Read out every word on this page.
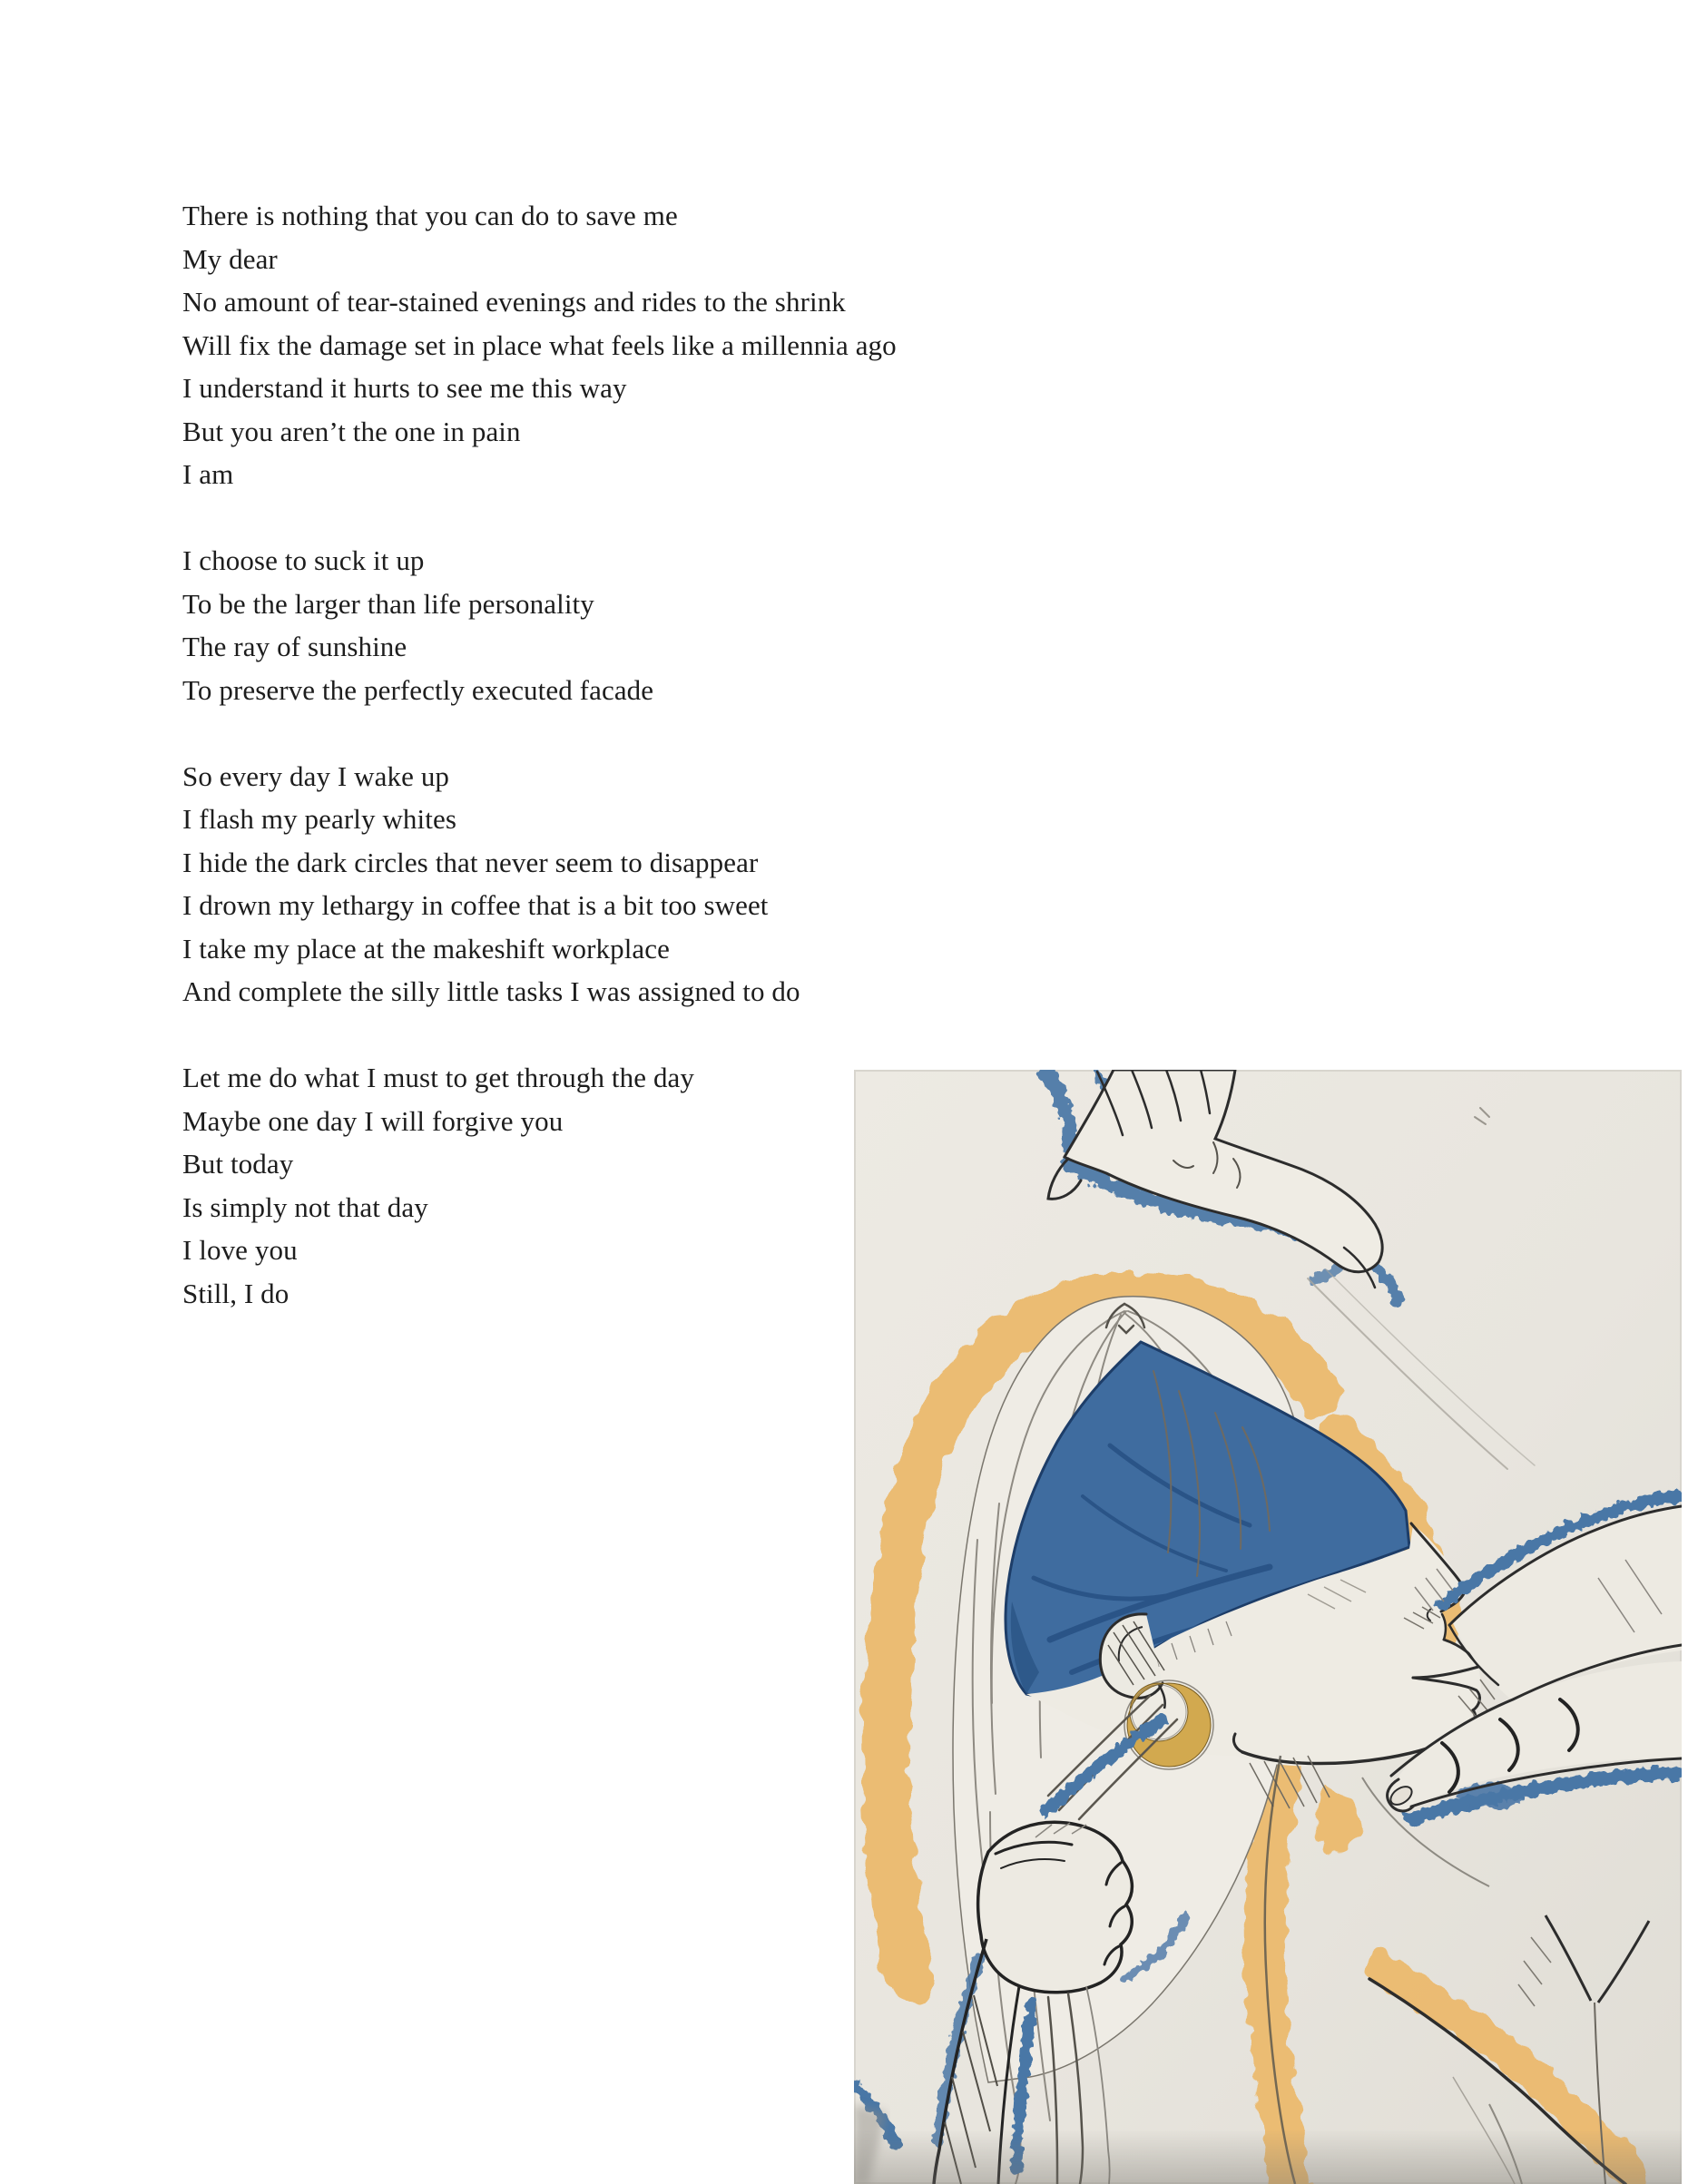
There is nothing that you can do to save me
My dear
No amount of tear-stained evenings and rides to the shrink
Will fix the damage set in place what feels like a millennia ago
I understand it hurts to see me this way
But you aren’t the one in pain
I am
I choose to suck it up
To be the larger than life personality
The ray of sunshine
To preserve the perfectly executed facade
So every day I wake up
I flash my pearly whites
I hide the dark circles that never seem to disappear
I drown my lethargy in coffee that is a bit too sweet
I take my place at the makeshift workplace
And complete the silly little tasks I was assigned to do
Let me do what I must to get through the day
Maybe one day I will forgive you
But today
Is simply not that day
I love you
Still, I do
